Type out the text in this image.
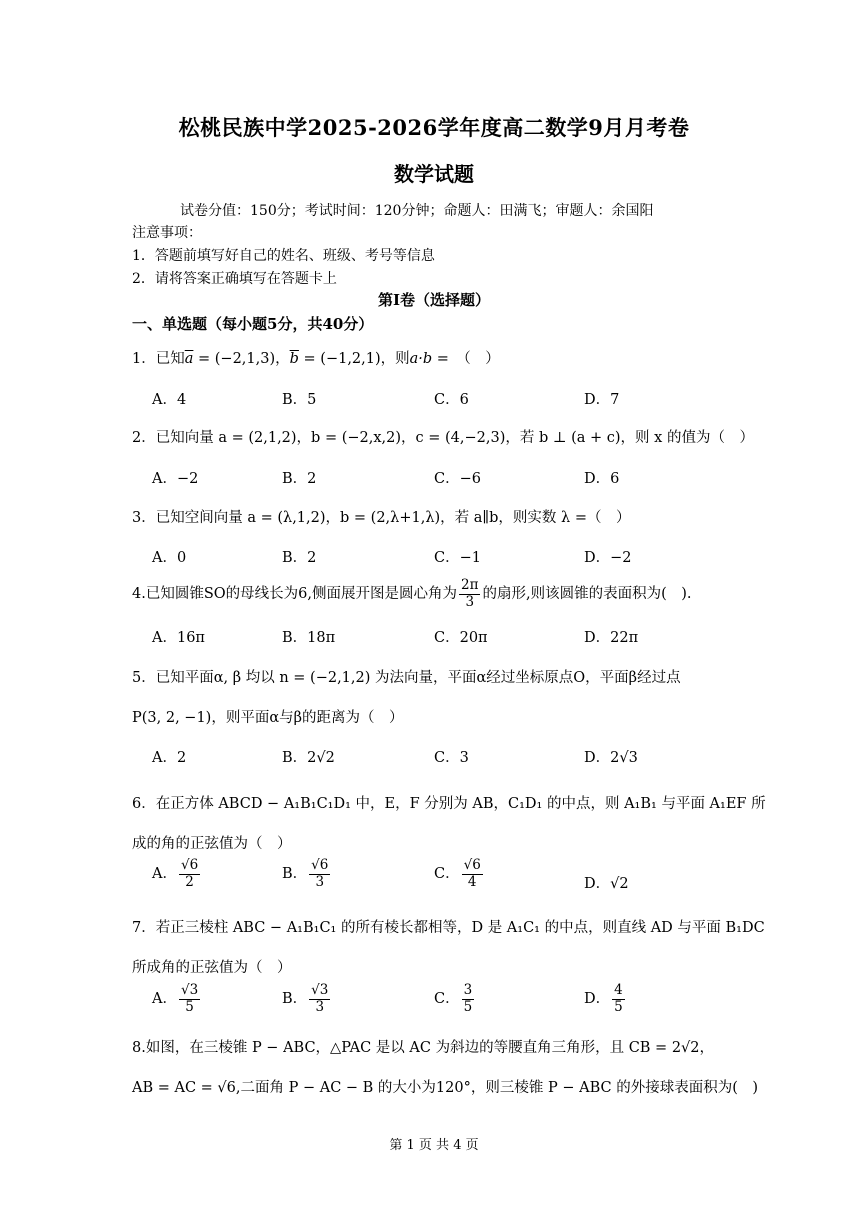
松桃民族中学2025-2026学年度高二数学9月月考卷
数学试题
试卷分值：150分；考试时间：120分钟；命题人：田满飞；审题人：余国阳
注意事项：
1．答题前填写好自己的姓名、班级、考号等信息
2．请将答案正确填写在答题卡上
第I卷（选择题）
一、单选题（每小题5分，共40分）
1．已知$\overline{a} = (-2,1,3)$，$\overline{b} = (-1,2,1)$，则a·b =　（　）
A．4	B．5	C．6	D．7
2．已知向量 a = (2,1,2)，b = (−2,x,2)，c = (4,−2,3)，若 b ⊥ (a + c)，则 x 的值为（　）
A．−2	B．2	C．−6	D．6
3．已知空间向量 a = (λ,1,2)，b = (2,λ+1,λ)，若 a∥b，则实数 λ =（　）
A．0	B．2	C．−1	D．−2
4.已知圆锥SO的母线长为6,侧面展开图是圆心角为 $\frac{2\pi}{3}$ 的扇形,则该圆锥的表面积为(　).
A．16π	B．18π	C．20π	D．22π
5．已知平面α, β 均以 n = (−2,1,2) 为法向量，平面α经过坐标原点O，平面β经过点
P(3, 2, −1)，则平面α与β的距离为（　）
A．2	B．2√2	C．3	D．2√3
6．在正方体 ABCD − A₁B₁C₁D₁ 中，E，F 分别为 AB，C₁D₁ 的中点，则 A₁B₁ 与平面 A₁EF 所
成的角的正弦值为（　）
A． $\frac{√6}{2}$	B． $\frac{√6}{3}$	C． $\frac{√6}{4}$	D．√2
7．若正三棱柱 ABC − A₁B₁C₁ 的所有棱长都相等，D 是 A₁C₁ 的中点，则直线 AD 与平面 B₁DC
所成角的正弦值为（　）
A． $\frac{√3}{5}$	B． $\frac{√3}{3}$	C． $\frac{3}{5}$	D． $\frac{4}{5}$
8.如图，在三棱锥 P − ABC，△PAC 是以 AC 为斜边的等腰直角三角形，且 CB = 2√2，
AB = AC = √6,二面角 P − AC − B 的大小为120°，则三棱锥 P − ABC 的外接球表面积为(　)
第 1 页 共 4 页
